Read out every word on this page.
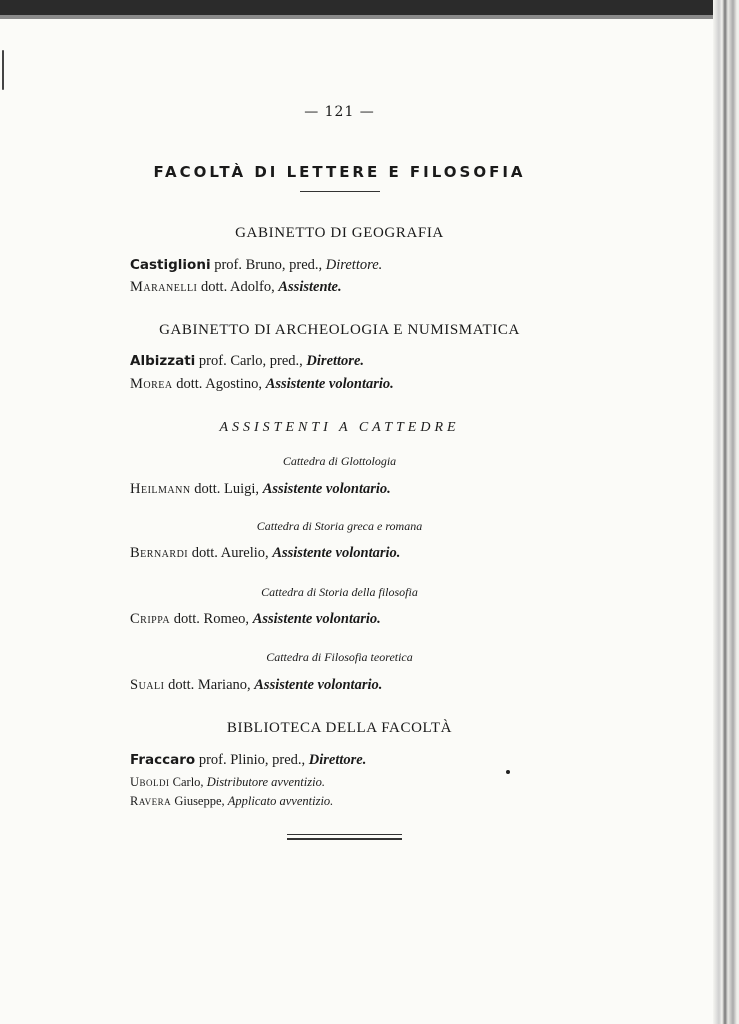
— 121 —
FACOLTÀ DI LETTERE E FILOSOFIA
GABINETTO DI GEOGRAFIA
Castiglioni prof. Bruno, pred., Direttore.
Maranelli dott. Adolfo, Assistente.
GABINETTO DI ARCHEOLOGIA E NUMISMATICA
Albizzati prof. Carlo, pred., Direttore.
Morea dott. Agostino, Assistente volontario.
ASSISTENTI A CATTEDRE
Cattedra di Glottologia
Heilmann dott. Luigi, Assistente volontario.
Cattedra di Storia greca e romana
Bernardi dott. Aurelio, Assistente volontario.
Cattedra di Storia della filosofia
Crippa dott. Romeo, Assistente volontario.
Cattedra di Filosofia teoretica
Suali dott. Mariano, Assistente volontario.
BIBLIOTECA DELLA FACOLTÀ
Fraccaro prof. Plinio, pred., Direttore.
Uboldi Carlo, Distributore avventizio.
Ravera Giuseppe, Applicato avventizio.
